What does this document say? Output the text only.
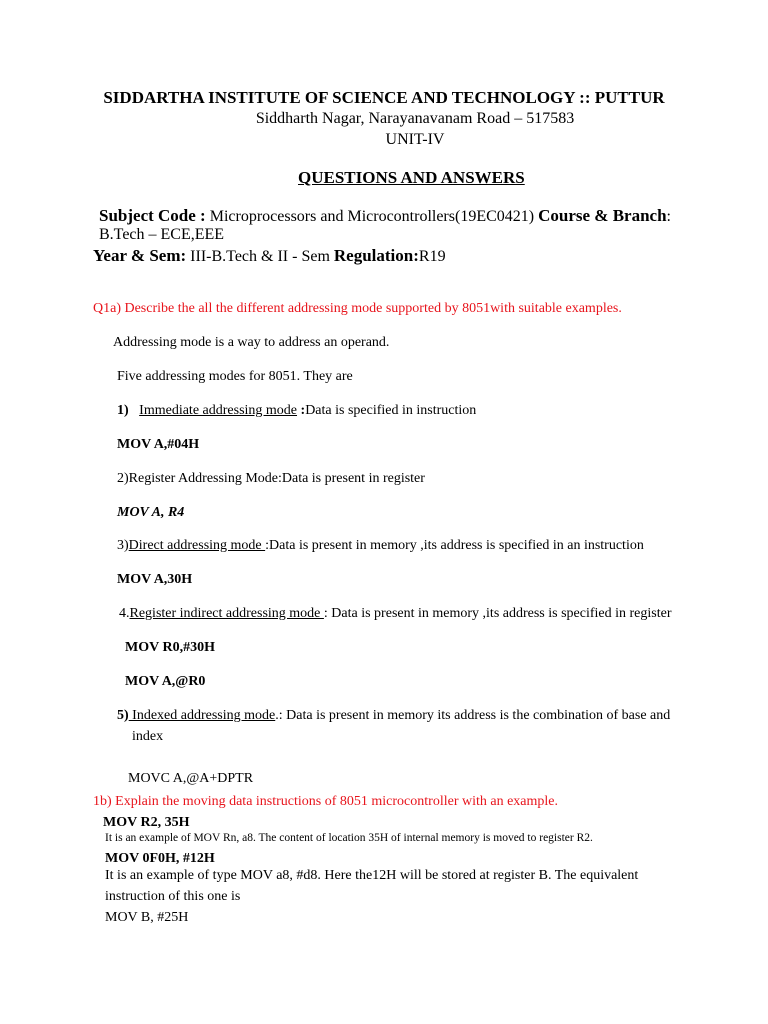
SIDDARTHA INSTITUTE OF SCIENCE AND TECHNOLOGY :: PUTTUR
Siddharth Nagar, Narayanavanam Road – 517583
UNIT-IV
QUESTIONS AND ANSWERS
Subject Code : Microprocessors and Microcontrollers(19EC0421) Course & Branch:
B.Tech – ECE,EEE
Year & Sem: III-B.Tech & II - Sem Regulation:R19
Q1a) Describe the all the different addressing mode supported by 8051with suitable examples.
Addressing mode is a way to address an operand.
Five addressing modes for 8051. They are
1) Immediate addressing mode :Data is specified in instruction
MOV A,#04H
2)Register Addressing Mode:Data is present in register
MOV A, R4
3)Direct addressing mode :Data is present in memory ,its address is specified in an instruction
MOV A,30H
4.Register indirect addressing mode : Data is present in memory ,its address is specified in register
MOV R0,#30H
MOV A,@R0
5) Indexed addressing mode.: Data is present in memory its address is the combination of base and
index
MOVC A,@A+DPTR
1b) Explain the moving data instructions of 8051 microcontroller with an example.
MOV R2, 35H
It is an example of MOV Rn, a8. The content of location 35H of internal memory is moved to register R2.
MOV 0F0H, #12H
It is an example of type MOV a8, #d8. Here the12H will be stored at register B. The equivalent
instruction of this one is
MOV B, #25H
